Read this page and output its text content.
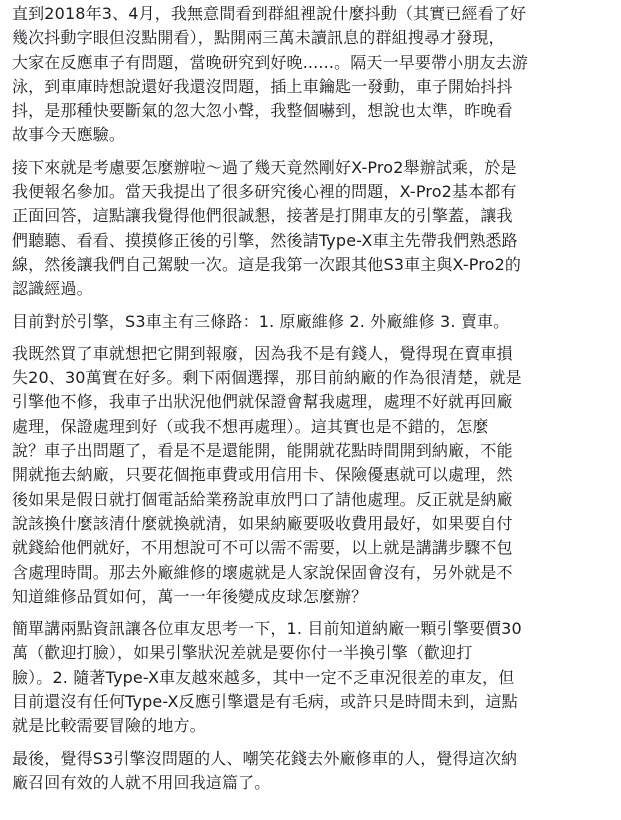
直到2018年3、4月，我無意間看到群組裡說什麼抖動（其實已經看了好
幾次抖動字眼但沒點開看），點開兩三萬未讀訊息的群組搜尋才發現，
大家在反應車子有問題，當晚研究到好晚......。隔天一早要帶小朋友去游
泳，到車庫時想說還好我還沒問題，插上車鑰匙一發動，車子開始抖抖
抖，是那種快要斷氣的忽大忽小聲，我整個嚇到，想說也太準，昨晚看
故事今天應驗。
接下來就是考慮要怎麼辦啦～過了幾天竟然剛好X-Pro2舉辦試乘，於是
我便報名參加。當天我提出了很多研究後心裡的問題，X-Pro2基本都有
正面回答，這點讓我覺得他們很誠懇，接著是打開車友的引擎蓋，讓我
們聽聽、看看、摸摸修正後的引擎，然後請Type-X車主先帶我們熟悉路
線，然後讓我們自己駕駛一次。這是我第一次跟其他S3車主與X-Pro2的
認識經過。
目前對於引擎，S3車主有三條路：1. 原廠維修 2. 外廠維修 3. 賣車。
我既然買了車就想把它開到報廢，因為我不是有錢人，覺得現在賣車損
失20、30萬實在好多。剩下兩個選擇，那目前納廠的作為很清楚，就是
引擎他不修，我車子出狀況他們就保證會幫我處理，處理不好就再回廠
處理，保證處理到好（或我不想再處理）。這其實也是不錯的，怎麼
說？車子出問題了，看是不是還能開，能開就花點時間開到納廠，不能
開就拖去納廠，只要花個拖車費或用信用卡、保險優惠就可以處理，然
後如果是假日就打個電話給業務說車放門口了請他處理。反正就是納廠
說該換什麼該清什麼就換就清，如果納廠要吸收費用最好，如果要自付
就錢給他們就好，不用想說可不可以需不需要，以上就是講講步驟不包
含處理時間。那去外廠維修的壞處就是人家說保固會沒有，另外就是不
知道維修品質如何，萬一一年後變成皮球怎麼辦？
簡單講兩點資訊讓各位車友思考一下，1. 目前知道納廠一顆引擎要價30
萬（歡迎打臉），如果引擎狀況差就是要你付一半換引擎（歡迎打
臉）。2. 隨著Type-X車友越來越多，其中一定不乏車況很差的車友，但
目前還沒有任何Type-X反應引擎還是有毛病，或許只是時間未到，這點
就是比較需要冒險的地方。
最後，覺得S3引擎沒問題的人、嘲笑花錢去外廠修車的人，覺得這次納
廠召回有效的人就不用回我這篇了。
